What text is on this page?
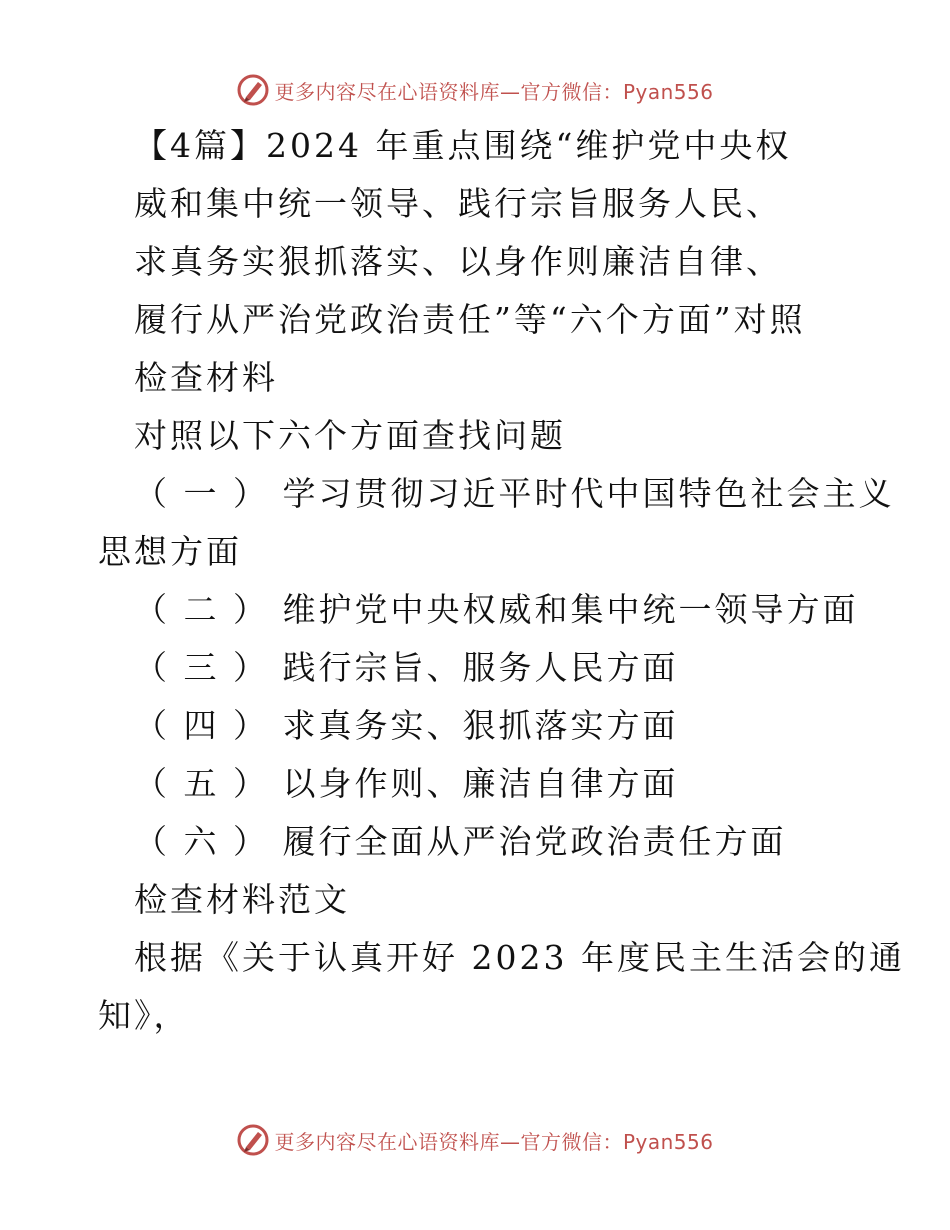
更多内容尽在心语资料库—官方微信：Pyan556
【4篇】2024 年重点围绕“维护党中央权
威和集中统一领导、践行宗旨服务人民、
求真务实狠抓落实、以身作则廉洁自律、
履行从严治党政治责任”等“六个方面”对照
检查材料
对照以下六个方面查找问题
（ 一 ） 学习贯彻习近平时代中国特色社会主义
思想方面
（ 二 ） 维护党中央权威和集中统一领导方面
（ 三 ） 践行宗旨、服务人民方面
（ 四 ） 求真务实、狠抓落实方面
（ 五 ） 以身作则、廉洁自律方面
（ 六 ） 履行全面从严治党政治责任方面
检查材料范文
根据《关于认真开好 2023 年度民主生活会的通
知》，
更多内容尽在心语资料库—官方微信：Pyan556
